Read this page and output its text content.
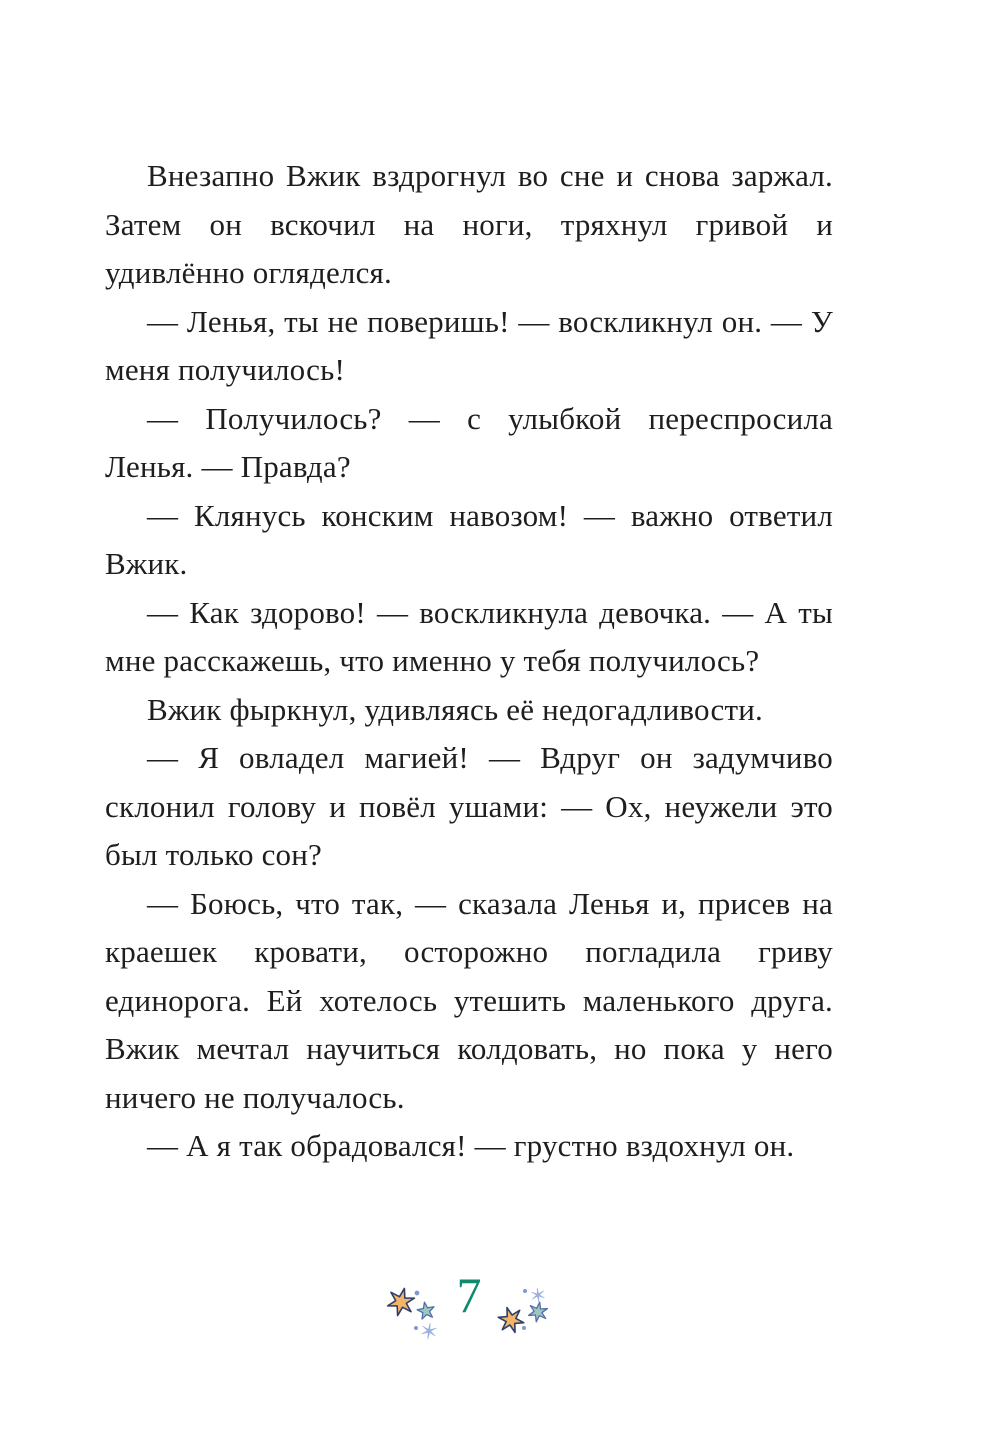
Внезапно Вжик вздрогнул во сне и снова заржал. Затем он вскочил на ноги, тряхнул гривой и удивлённо огляделся.

— Ленья, ты не поверишь! — воскликнул он. — У меня получилось!

— Получилось? — с улыбкой переспросила Ленья. — Правда?

— Клянусь конским навозом! — важно ответил Вжик.

— Как здорово! — воскликнула девочка. — А ты мне расскажешь, что именно у тебя получилось?

Вжик фыркнул, удивляясь её недогадливости.

— Я овладел магией! — Вдруг он задумчиво склонил голову и повёл ушами: — Ох, неужели это был только сон?

— Боюсь, что так, — сказала Ленья и, присев на краешек кровати, осторожно погладила гриву единорога. Ей хотелось утешить маленького друга. Вжик мечтал научиться колдовать, но пока у него ничего не получалось.

— А я так обрадовался! — грустно вздохнул он.

7
